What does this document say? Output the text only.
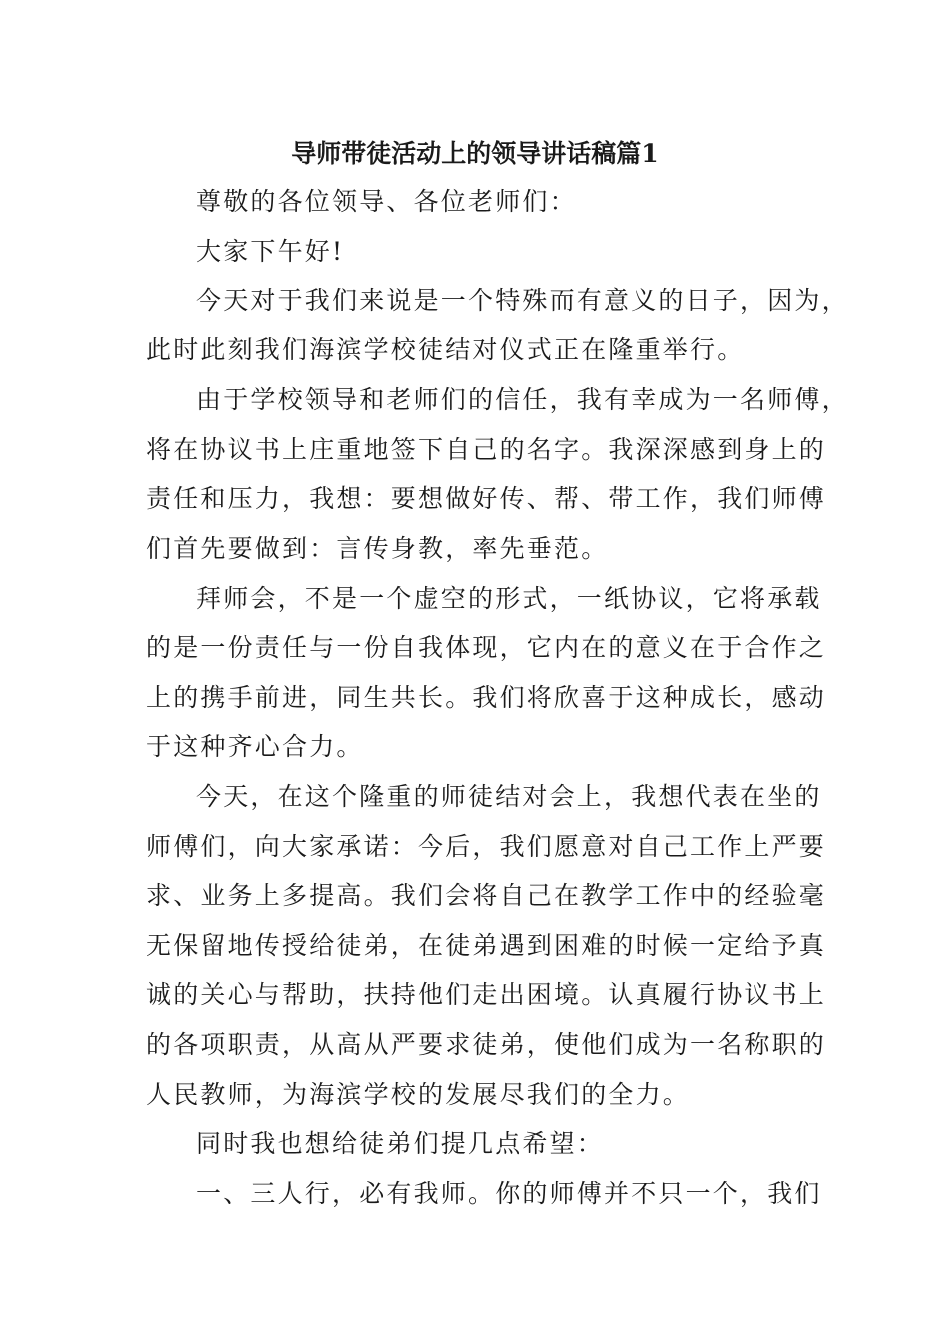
导师带徒活动上的领导讲话稿篇1
尊敬的各位领导、各位老师们：
大家下午好!
今天对于我们来说是一个特殊而有意义的日子，因为，
此时此刻我们海滨学校徒结对仪式正在隆重举行。
由于学校领导和老师们的信任，我有幸成为一名师傅，
将在协议书上庄重地签下自己的名字。我深深感到身上的
责任和压力，我想：要想做好传、帮、带工作，我们师傅
们首先要做到：言传身教，率先垂范。
拜师会，不是一个虚空的形式，一纸协议，它将承载
的是一份责任与一份自我体现，它内在的意义在于合作之
上的携手前进，同生共长。我们将欣喜于这种成长，感动
于这种齐心合力。
今天，在这个隆重的师徒结对会上，我想代表在坐的
师傅们，向大家承诺：今后，我们愿意对自己工作上严要
求、业务上多提高。我们会将自己在教学工作中的经验毫
无保留地传授给徒弟，在徒弟遇到困难的时候一定给予真
诚的关心与帮助，扶持他们走出困境。认真履行协议书上
的各项职责，从高从严要求徒弟，使他们成为一名称职的
人民教师，为海滨学校的发展尽我们的全力。
同时我也想给徒弟们提几点希望：
一、三人行，必有我师。你的师傅并不只一个，我们
